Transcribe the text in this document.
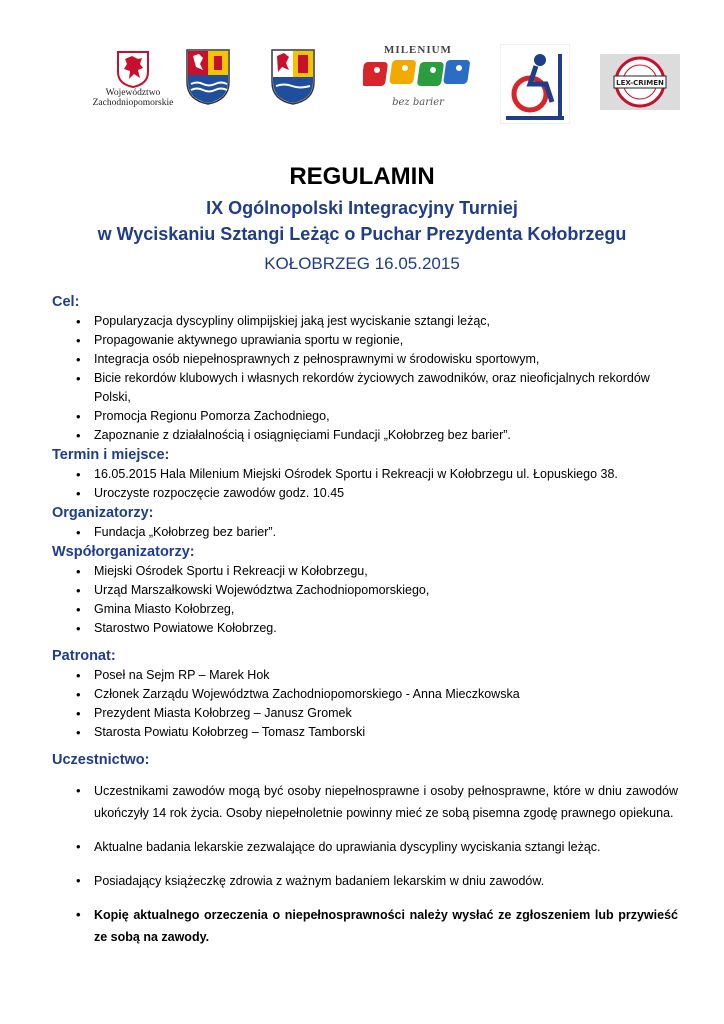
Województwo
Zachodniopomorskie
MILENIUM
bez barier
LEX-CRIMEN
REGULAMIN

IX Ogólnopolski Integracyjny Turniej

w Wyciskaniu Sztangi Leżąc o Puchar Prezydenta Kołobrzegu

KOŁOBRZEG 16.05.2015

Cel:

• Popularyzacja dyscypliny olimpijskiej jaką jest wyciskanie sztangi leżąc,
• Propagowanie aktywnego uprawiania sportu w regionie,
• Integracja osób niepełnosprawnych z pełnosprawnymi w środowisku sportowym,
• Bicie rekordów klubowych i własnych rekordów życiowych zawodników, oraz nieoficjalnych rekordów Polski,
• Promocja Regionu Pomorza Zachodniego,
• Zapoznanie z działalnością i osiągnięciami Fundacji „Kołobrzeg bez barier”.

Termin i miejsce:

• 16.05.2015 Hala Milenium Miejski Ośrodek Sportu i Rekreacji w Kołobrzegu ul. Łopuskiego 38.
• Uroczyste rozpoczęcie zawodów godz. 10.45

Organizatorzy:

• Fundacja „Kołobrzeg bez barier”.

Współorganizatorzy:

• Miejski Ośrodek Sportu i Rekreacji w Kołobrzegu,
• Urząd Marszałkowski Województwa Zachodniopomorskiego,
• Gmina Miasto Kołobrzeg,
• Starostwo Powiatowe Kołobrzeg.

Patronat:

• Poseł na Sejm RP – Marek Hok
• Członek Zarządu Województwa Zachodniopomorskiego - Anna Mieczkowska
• Prezydent Miasta Kołobrzeg – Janusz Gromek
• Starosta Powiatu Kołobrzeg – Tomasz Tamborski

Uczestnictwo:

• Uczestnikami zawodów mogą być osoby niepełnosprawne i osoby pełnosprawne, które w dniu zawodów ukończyły 14 rok życia. Osoby niepełnoletnie powinny mieć ze sobą pisemna zgodę prawnego opiekuna.
• Aktualne badania lekarskie zezwalające do uprawiania dyscypliny wyciskania sztangi leżąc.
• Posiadający książeczkę zdrowia z ważnym badaniem lekarskim w dniu zawodów.
• Kopię aktualnego orzeczenia o niepełnosprawności należy wysłać ze zgłoszeniem lub przywieść ze sobą na zawody.
